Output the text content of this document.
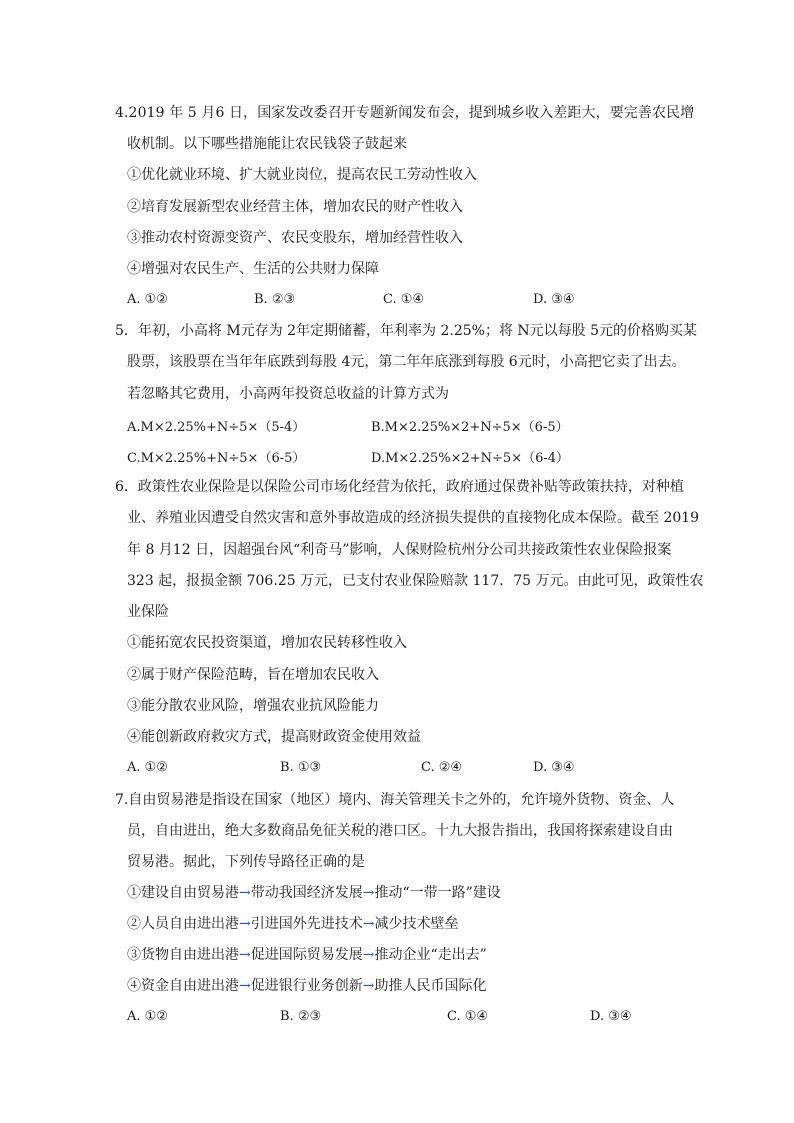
4.2019 年 5 月6 日，国家发改委召开专题新闻发布会，提到城乡收入差距大，要完善农民增
收机制。以下哪些措施能让农民钱袋子鼓起来
①优化就业环境、扩大就业岗位，提高农民工劳动性收入
②培育发展新型农业经营主体，增加农民的财产性收入
③推动农村资源变资产、农民变股东，增加经营性收入
④增强对农民生产、生活的公共财力保障
A. ①②	B. ②③	C. ①④	D. ③④
5．年初，小高将 M元存为 2年定期储蓄，年利率为 2.25%；将 N元以每股 5元的价格购买某
股票，该股票在当年年底跌到每股 4元，第二年年底涨到每股 6元时，小高把它卖了出去。
若忽略其它费用，小高两年投资总收益的计算方式为
A.M×2.25%+N÷5×（5-4）	B.M×2.25%×2+N÷5×（6-5）
C.M×2.25%+N÷5×（6-5）	D.M×2.25%×2+N÷5×（6-4）
6．政策性农业保险是以保险公司市场化经营为依托，政府通过保费补贴等政策扶持，对种植
业、养殖业因遭受自然灾害和意外事故造成的经济损失提供的直接物化成本保险。截至 2019
年 8 月12 日，因超强台风“利奇马”影响，人保财险杭州分公司共接政策性农业保险报案
323 起，报损金额 706.25 万元，已支付农业保险赔款 117．75 万元。由此可见，政策性农
业保险
①能拓宽农民投资渠道，增加农民转移性收入
②属于财产保险范畴，旨在增加农民收入
③能分散农业风险，增强农业抗风险能力
④能创新政府救灾方式，提高财政资金使用效益
A. ①②	B. ①③	C. ②④	D. ③④
7.自由贸易港是指设在国家（地区）境内、海关管理关卡之外的，允许境外货物、资金、人
员，自由进出，绝大多数商品免征关税的港口区。十九大报告指出，我国将探索建设自由
贸易港。据此，下列传导路径正确的是
①建设自由贸易港→带动我国经济发展→推动“一带一路”建设
②人员自由进出港→引进国外先进技术→减少技术壁垒
③货物自由进出港→促进国际贸易发展→推动企业“走出去”
④资金自由进出港→促进银行业务创新→助推人民币国际化
A. ①②	B. ②③	C. ①④	D. ③④
